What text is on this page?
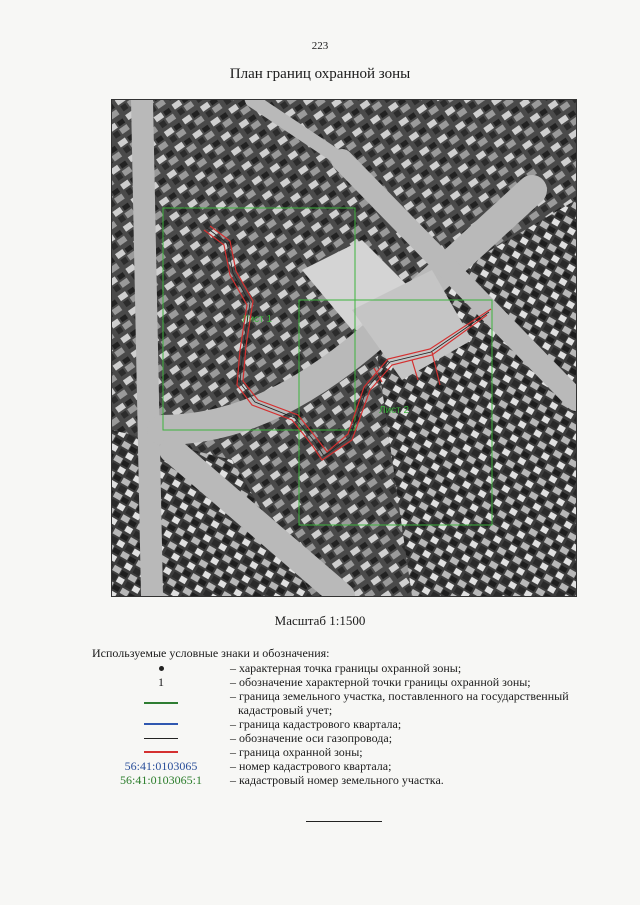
223
План границ охранной зоны
Лист 1
Лист 2
Масштаб 1:1500
Используемые условные знаки и обозначения:
– характерная точка границы охранной зоны;
1	– обозначение характерной точки границы охранной зоны;
– граница земельного участка, поставленного на государственный
кадастровый учет;
– граница кадастрового квартала;
– обозначение оси газопровода;
– граница охранной зоны;
56:41:0103065	– номер кадастрового квартала;
56:41:0103065:1	– кадастровый номер земельного участка.
